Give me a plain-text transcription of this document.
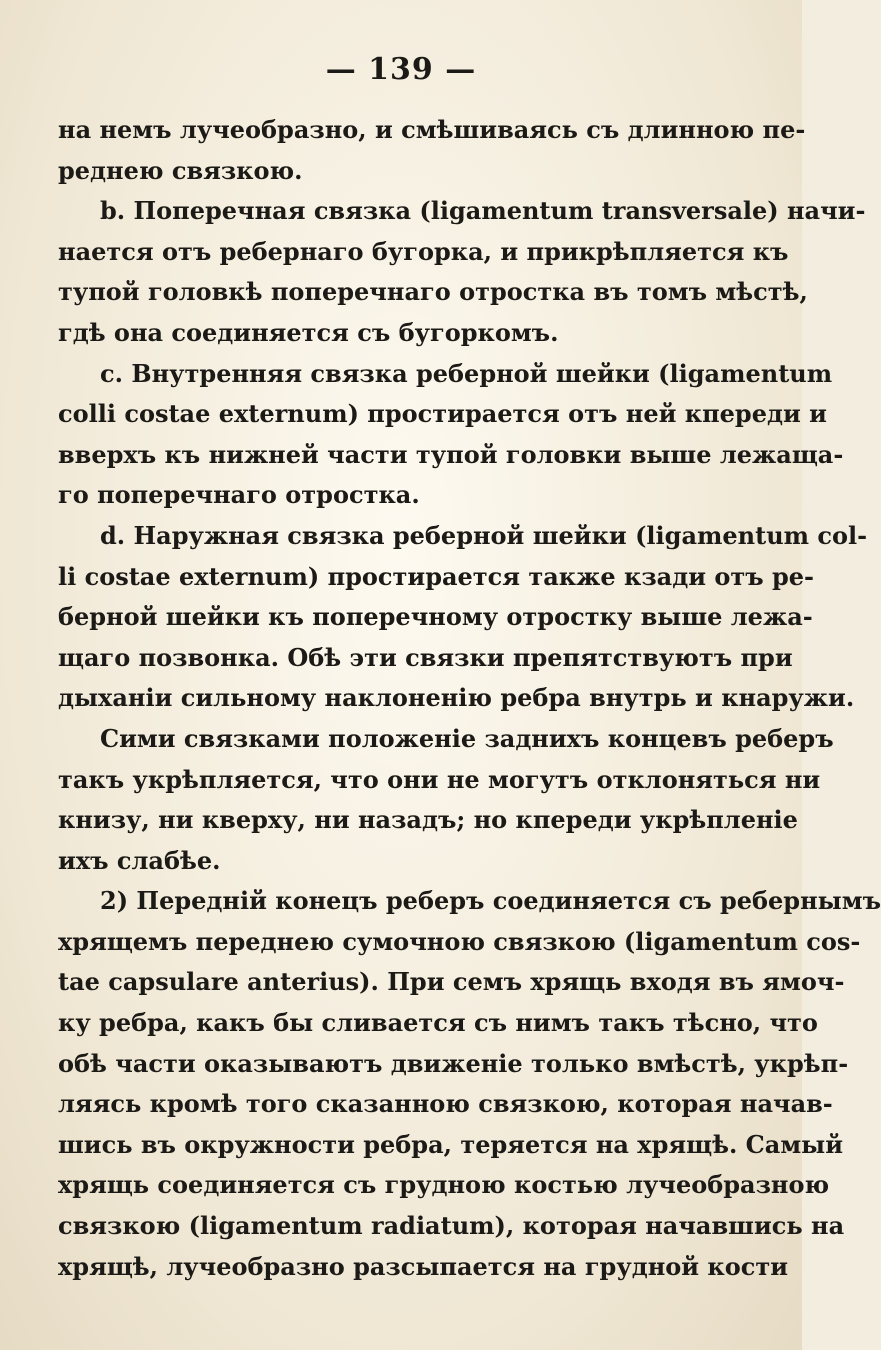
— 139 —
на немъ лучеобразно, и смѣшиваясь съ длинною пе-
реднею связкою.
b. Поперечная связка (ligamentum transversale) начи-
нается отъ ребернаго бугорка, и прикрѣпляется къ
тупой головкѣ поперечнаго отростка въ томъ мѣстѣ,
гдѣ она соединяется съ бугоркомъ.
c. Внутренняя связка реберной шейки (ligamentum
colli costae externum) простирается отъ ней кпереди и
вверхъ къ нижней части тупой головки выше лежаща-
го поперечнаго отростка.
d. Наружная связка реберной шейки (ligamentum col-
li costae externum) простирается также кзади отъ ре-
берной шейки къ поперечному отростку выше лежа-
щаго позвонка. Обѣ эти связки препятствуютъ при
дыханіи сильному наклоненію ребра внутрь и кнаружи.
Сими связками положеніе заднихъ концевъ реберъ
такъ укрѣпляется, что они не могутъ отклоняться ни
книзу, ни кверху, ни назадъ; но кпереди укрѣпленіе
ихъ слабѣе.
2) Передній конецъ реберъ соединяется съ ребернымъ
хрящемъ переднею сумочною связкою (ligamentum cos-
tae capsulare anterius). При семъ хрящь входя въ ямоч-
ку ребра, какъ бы сливается съ нимъ такъ тѣсно, что
обѣ части оказываютъ движеніе только вмѣстѣ, укрѣп-
ляясь кромѣ того сказанною связкою, которая начав-
шись въ окружности ребра, теряется на хрящѣ. Самый
хрящь соединяется съ грудною костью лучеобразною
связкою (ligamentum radiatum), которая начавшись на
хрящѣ, лучеобразно разсыпается на грудной кости
